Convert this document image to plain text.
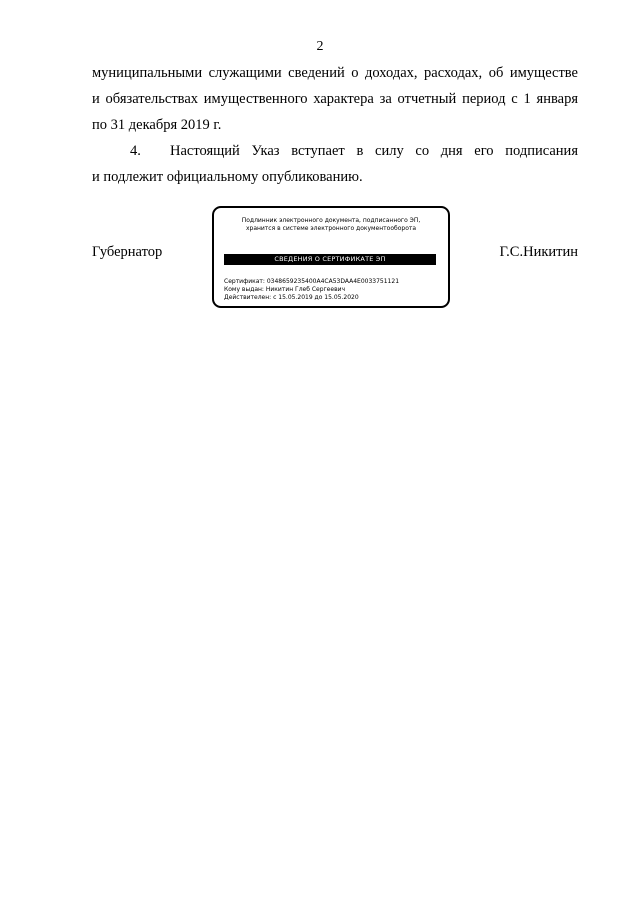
2
муниципальными служащими сведений о доходах, расходах, об имуществе
и обязательствах имущественного характера за отчетный период с 1 января
по 31 декабря 2019 г.
4. Настоящий Указ вступает в силу со дня его подписания
и подлежит официальному опубликованию.
Губернатор
Подлинник электронного документа, подписанного ЭП,
хранится в системе электронного документооборота
СВЕДЕНИЯ О СЕРТИФИКАТЕ ЭП
Сертификат: 0348659235400A4CA53DAA4E0033751121
Кому выдан: Никитин Глеб Сергеевич
Действителен: с 15.05.2019 до 15.05.2020
Г.С.Никитин
